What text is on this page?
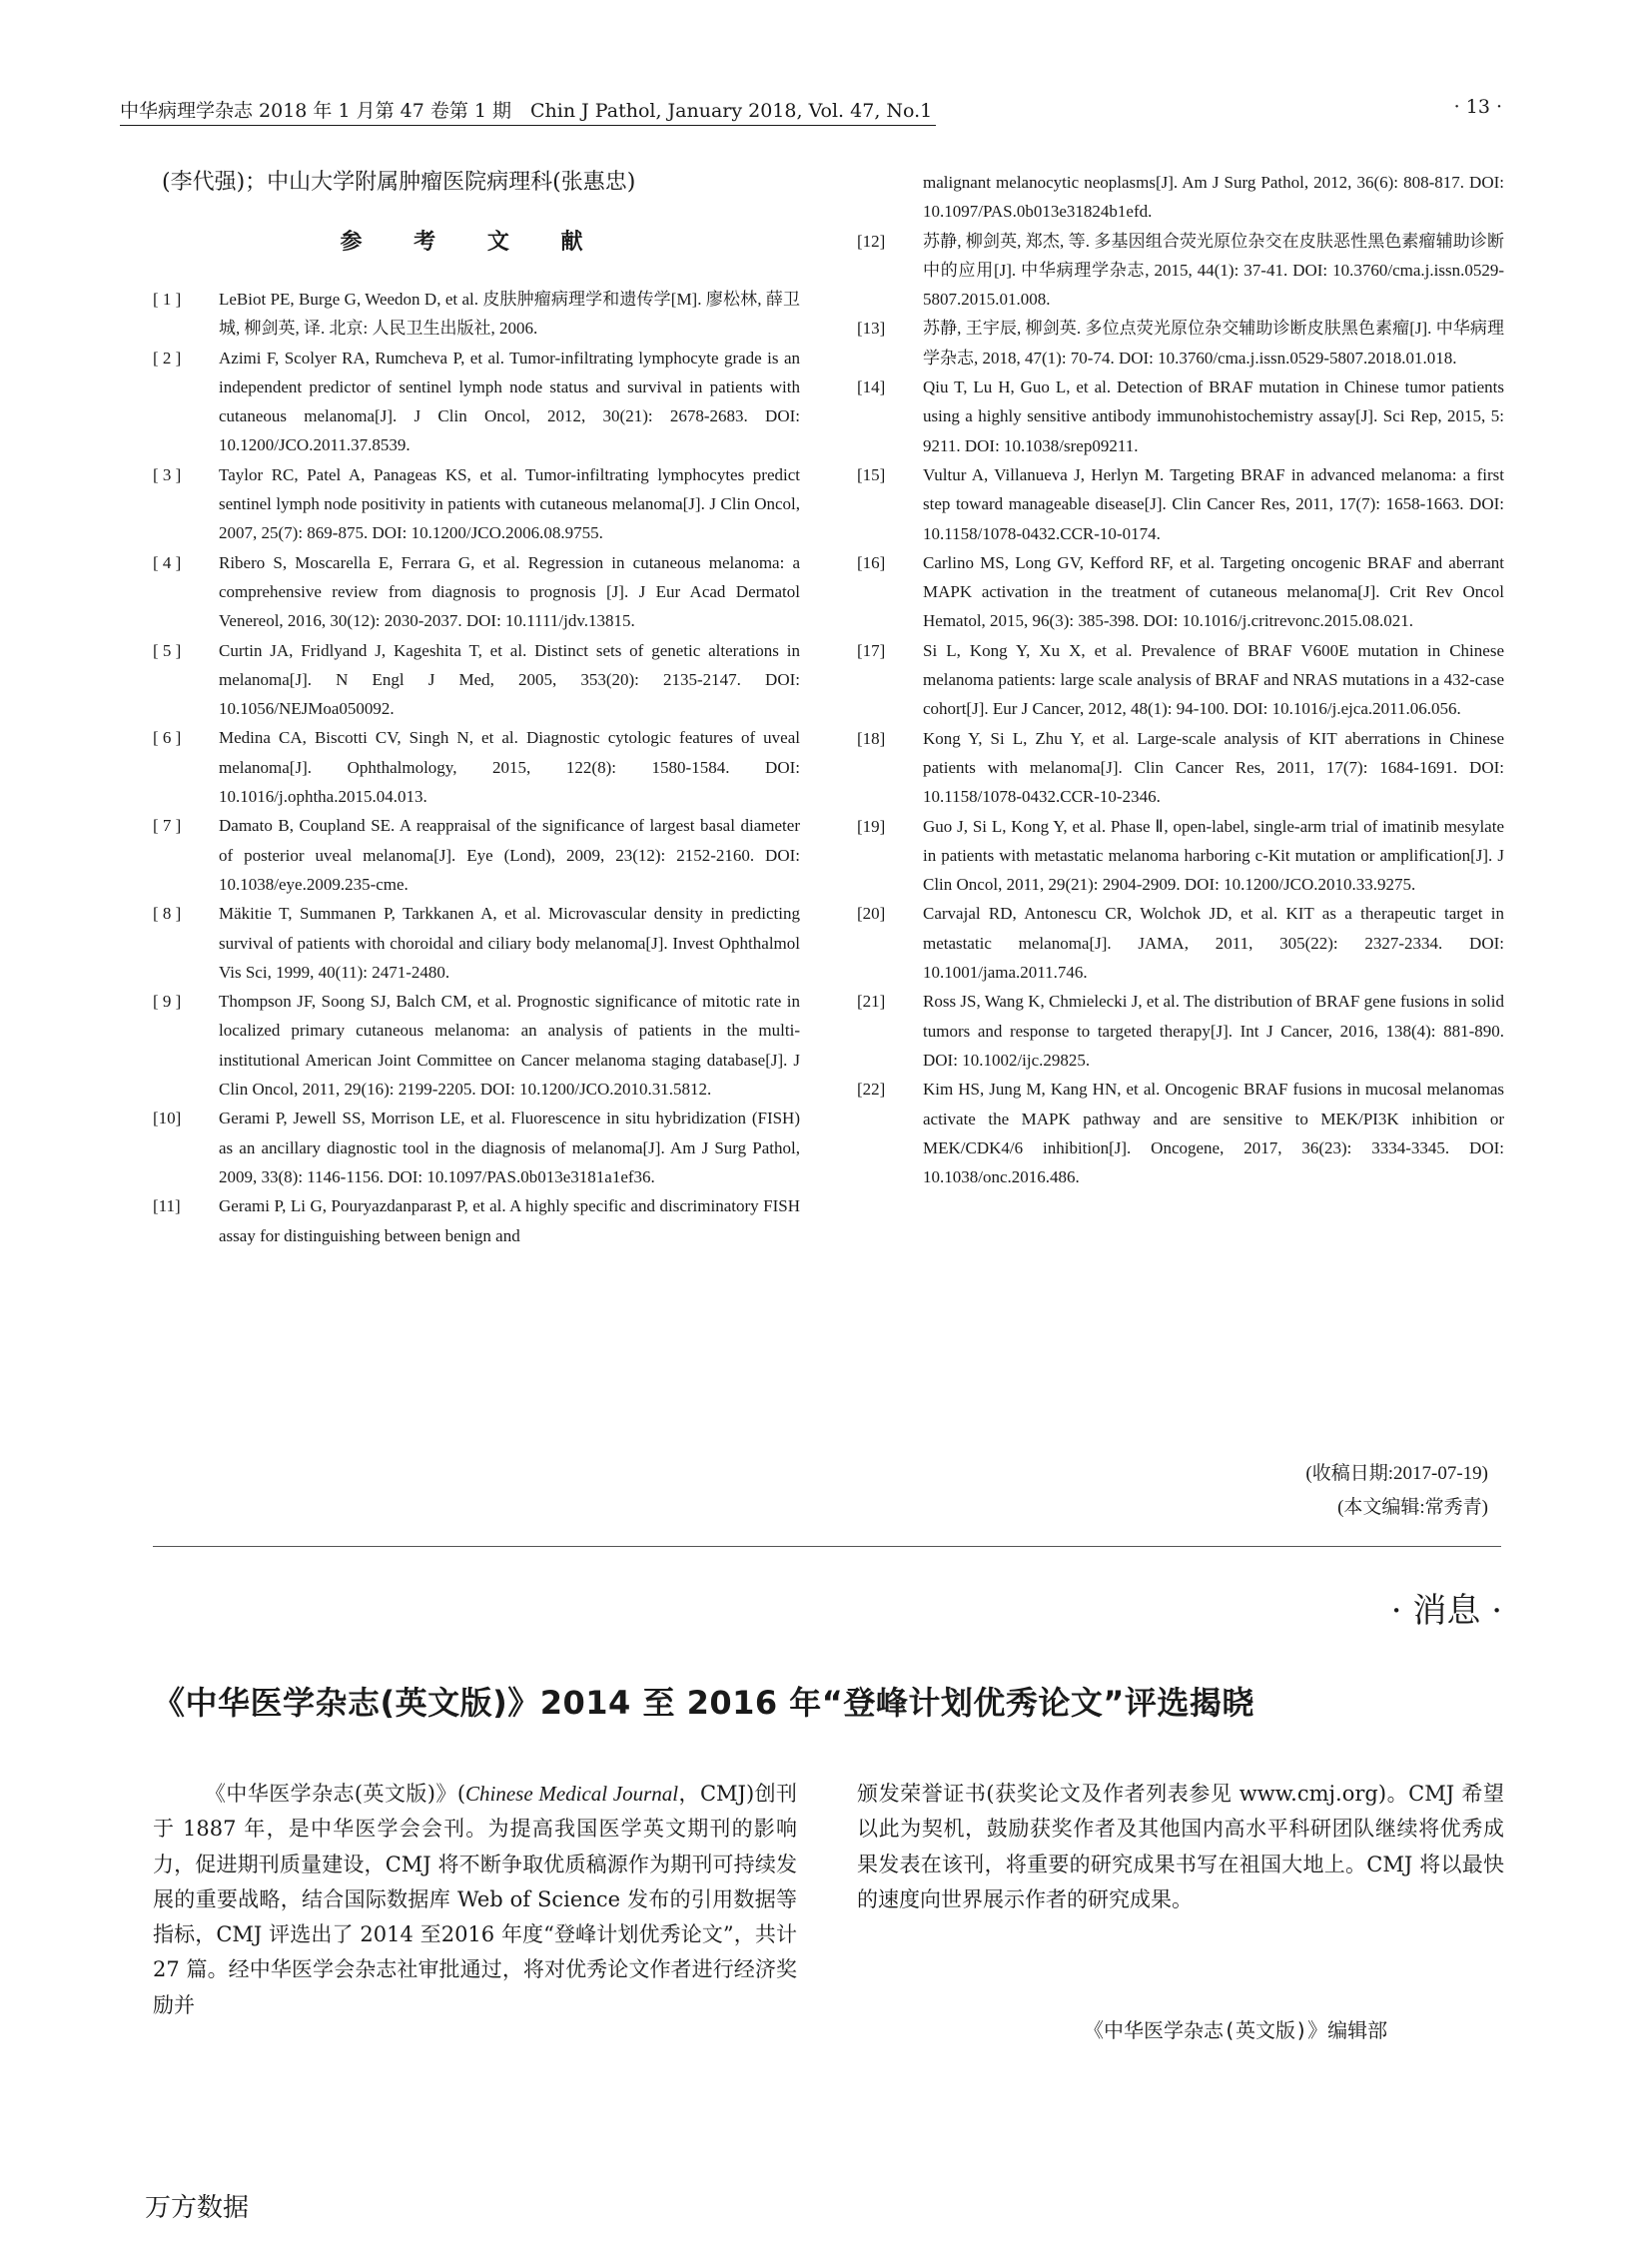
中华病理学杂志 2018 年 1 月第 47 卷第 1 期　Chin J Pathol, January 2018, Vol. 47, No.1	· 13 ·
(李代强)；中山大学附属肿瘤医院病理科(张惠忠)
参 考 文 献
[ 1 ] LeBiot PE, Burge G, Weedon D, et al. 皮肤肿瘤病理学和遗传学[M]. 廖松林, 薛卫城, 柳剑英, 译. 北京: 人民卫生出版社, 2006.
[ 2 ] Azimi F, Scolyer RA, Rumcheva P, et al. Tumor-infiltrating lymphocyte grade is an independent predictor of sentinel lymph node status and survival in patients with cutaneous melanoma[J]. J Clin Oncol, 2012, 30(21): 2678-2683. DOI: 10.1200/JCO.2011.37.8539.
[ 3 ] Taylor RC, Patel A, Panageas KS, et al. Tumor-infiltrating lymphocytes predict sentinel lymph node positivity in patients with cutaneous melanoma[J]. J Clin Oncol, 2007, 25(7): 869-875. DOI: 10.1200/JCO.2006.08.9755.
[ 4 ] Ribero S, Moscarella E, Ferrara G, et al. Regression in cutaneous melanoma: a comprehensive review from diagnosis to prognosis [J]. J Eur Acad Dermatol Venereol, 2016, 30(12): 2030-2037. DOI: 10.1111/jdv.13815.
[ 5 ] Curtin JA, Fridlyand J, Kageshita T, et al. Distinct sets of genetic alterations in melanoma[J]. N Engl J Med, 2005, 353(20): 2135-2147. DOI: 10.1056/NEJMoa050092.
[ 6 ] Medina CA, Biscotti CV, Singh N, et al. Diagnostic cytologic features of uveal melanoma[J]. Ophthalmology, 2015, 122(8): 1580-1584. DOI: 10.1016/j.ophtha.2015.04.013.
[ 7 ] Damato B, Coupland SE. A reappraisal of the significance of largest basal diameter of posterior uveal melanoma[J]. Eye (Lond), 2009, 23(12): 2152-2160. DOI: 10.1038/eye.2009.235-cme.
[ 8 ] Mäkitie T, Summanen P, Tarkkanen A, et al. Microvascular density in predicting survival of patients with choroidal and ciliary body melanoma[J]. Invest Ophthalmol Vis Sci, 1999, 40(11): 2471-2480.
[ 9 ] Thompson JF, Soong SJ, Balch CM, et al. Prognostic significance of mitotic rate in localized primary cutaneous melanoma: an analysis of patients in the multi-institutional American Joint Committee on Cancer melanoma staging database[J]. J Clin Oncol, 2011, 29(16): 2199-2205. DOI: 10.1200/JCO.2010.31.5812.
[10] Gerami P, Jewell SS, Morrison LE, et al. Fluorescence in situ hybridization (FISH) as an ancillary diagnostic tool in the diagnosis of melanoma[J]. Am J Surg Pathol, 2009, 33(8): 1146-1156. DOI: 10.1097/PAS.0b013e3181a1ef36.
[11] Gerami P, Li G, Pouryazdanparast P, et al. A highly specific and discriminatory FISH assay for distinguishing between benign and
malignant melanocytic neoplasms[J]. Am J Surg Pathol, 2012, 36(6): 808-817. DOI: 10.1097/PAS.0b013e31824b1efd.
[12] 苏静, 柳剑英, 郑杰, 等. 多基因组合荧光原位杂交在皮肤恶性黑色素瘤辅助诊断中的应用[J]. 中华病理学杂志, 2015, 44(1): 37-41. DOI: 10.3760/cma.j.issn.0529-5807.2015.01.008.
[13] 苏静, 王宇辰, 柳剑英. 多位点荧光原位杂交辅助诊断皮肤黑色素瘤[J]. 中华病理学杂志, 2018, 47(1): 70-74. DOI: 10.3760/cma.j.issn.0529-5807.2018.01.018.
[14] Qiu T, Lu H, Guo L, et al. Detection of BRAF mutation in Chinese tumor patients using a highly sensitive antibody immunohistochemistry assay[J]. Sci Rep, 2015, 5: 9211. DOI: 10.1038/srep09211.
[15] Vultur A, Villanueva J, Herlyn M. Targeting BRAF in advanced melanoma: a first step toward manageable disease[J]. Clin Cancer Res, 2011, 17(7): 1658-1663. DOI: 10.1158/1078-0432.CCR-10-0174.
[16] Carlino MS, Long GV, Kefford RF, et al. Targeting oncogenic BRAF and aberrant MAPK activation in the treatment of cutaneous melanoma[J]. Crit Rev Oncol Hematol, 2015, 96(3): 385-398. DOI: 10.1016/j.critrevonc.2015.08.021.
[17] Si L, Kong Y, Xu X, et al. Prevalence of BRAF V600E mutation in Chinese melanoma patients: large scale analysis of BRAF and NRAS mutations in a 432-case cohort[J]. Eur J Cancer, 2012, 48(1): 94-100. DOI: 10.1016/j.ejca.2011.06.056.
[18] Kong Y, Si L, Zhu Y, et al. Large-scale analysis of KIT aberrations in Chinese patients with melanoma[J]. Clin Cancer Res, 2011, 17(7): 1684-1691. DOI: 10.1158/1078-0432.CCR-10-2346.
[19] Guo J, Si L, Kong Y, et al. Phase Ⅱ, open-label, single-arm trial of imatinib mesylate in patients with metastatic melanoma harboring c-Kit mutation or amplification[J]. J Clin Oncol, 2011, 29(21): 2904-2909. DOI: 10.1200/JCO.2010.33.9275.
[20] Carvajal RD, Antonescu CR, Wolchok JD, et al. KIT as a therapeutic target in metastatic melanoma[J]. JAMA, 2011, 305(22): 2327-2334. DOI: 10.1001/jama.2011.746.
[21] Ross JS, Wang K, Chmielecki J, et al. The distribution of BRAF gene fusions in solid tumors and response to targeted therapy[J]. Int J Cancer, 2016, 138(4): 881-890. DOI: 10.1002/ijc.29825.
[22] Kim HS, Jung M, Kang HN, et al. Oncogenic BRAF fusions in mucosal melanomas activate the MAPK pathway and are sensitive to MEK/PI3K inhibition or MEK/CDK4/6 inhibition[J]. Oncogene, 2017, 36(23): 3334-3345. DOI: 10.1038/onc.2016.486.
(收稿日期:2017-07-19)
(本文编辑:常秀青)
· 消息 ·
《中华医学杂志(英文版)》2014 至 2016 年“登峰计划优秀论文”评选揭晓

《中华医学杂志(英文版)》(Chinese Medical Journal，CMJ)创刊于 1887 年，是中华医学会会刊。为提高我国医学英文期刊的影响力，促进期刊质量建设，CMJ 将不断争取优质稿源作为期刊可持续发展的重要战略，结合国际数据库 Web of Science 发布的引用数据等指标，CMJ 评选出了 2014 至2016 年度“登峰计划优秀论文”，共计 27 篇。经中华医学会杂志社审批通过，将对优秀论文作者进行经济奖励并

颁发荣誉证书(获奖论文及作者列表参见 www.cmj.org)。CMJ 希望以此为契机，鼓励获奖作者及其他国内高水平科研团队继续将优秀成果发表在该刊，将重要的研究成果书写在祖国大地上。CMJ 将以最快的速度向世界展示作者的研究成果。

《中华医学杂志(英文版)》编辑部
万方数据
